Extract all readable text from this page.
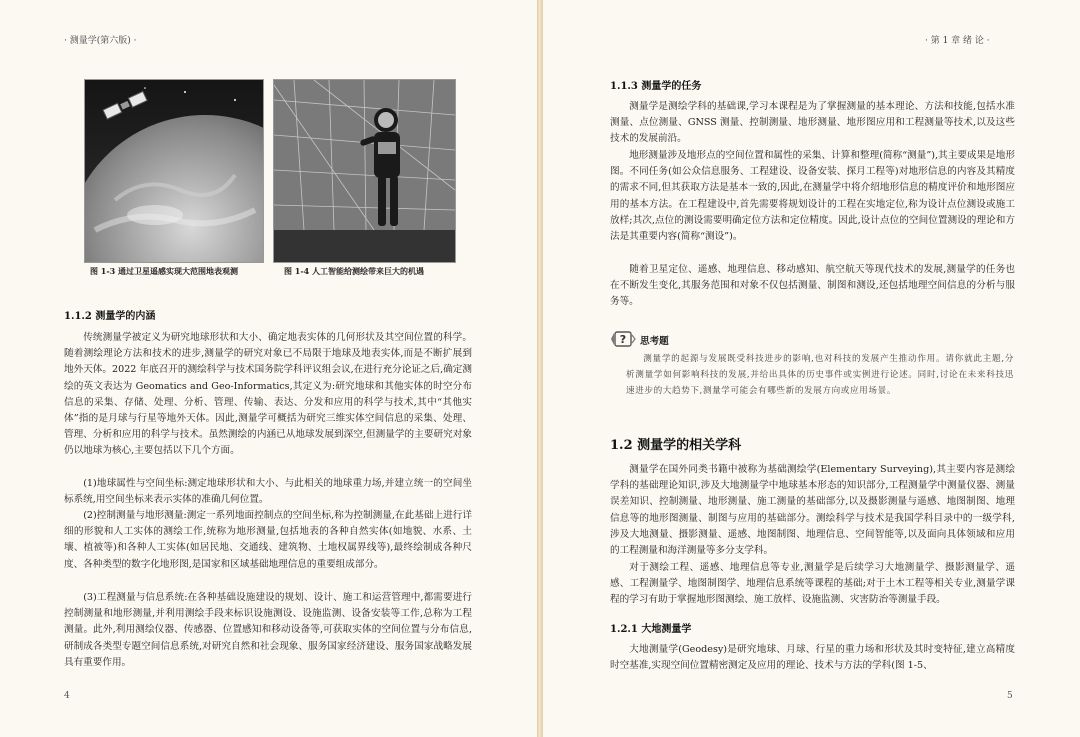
· 测量学(第六版) ·
图 1-3 通过卫星遥感实现大范围地表观测	图 1-4 人工智能给测绘带来巨大的机遇
1.1.2 测量学的内涵

传统测量学被定义为研究地球形状和大小、确定地表实体的几何形状及其空间位置的科学。随着测绘理论方法和技术的进步,测量学的研究对象已不局限于地球及地表实体,而是不断扩展到地外天体。2022 年底召开的测绘科学与技术国务院学科评议组会议,在进行充分论证之后,确定测绘的英文表达为 Geomatics and Geo-Informatics,其定义为:研究地球和其他实体的时空分布信息的采集、存储、处理、分析、管理、传输、表达、分发和应用的科学与技术,其中“其他实体”指的是月球与行星等地外天体。因此,测量学可概括为研究三维实体空间信息的采集、处理、管理、分析和应用的科学与技术。虽然测绘的内涵已从地球发展到深空,但测量学的主要研究对象仍以地球为核心,主要包括以下几个方面。

(1)地球属性与空间坐标:测定地球形状和大小、与此相关的地球重力场,并建立统一的空间坐标系统,用空间坐标来表示实体的准确几何位置。

(2)控制测量与地形测量:测定一系列地面控制点的空间坐标,称为控制测量,在此基础上进行详细的形貌和人工实体的测绘工作,统称为地形测量,包括地表的各种自然实体(如地貌、水系、土壤、植被等)和各种人工实体(如居民地、交通线、建筑物、土地权属界线等),最终绘制成各种尺度、各种类型的数字化地形图,是国家和区域基础地理信息的重要组成部分。

(3)工程测量与信息系统:在各种基础设施建设的规划、设计、施工和运营管理中,都需要进行控制测量和地形测量,并利用测绘手段来标识设施测设、设施监测、设备安装等工作,总称为工程测量。此外,利用测绘仪器、传感器、位置感知和移动设备等,可获取实体的空间位置与分布信息,研制成各类型专题空间信息系统,对研究自然和社会现象、服务国家经济建设、服务国家战略发展具有重要作用。

4
· 第 1 章 绪 论 ·
1.1.3 测量学的任务

测量学是测绘学科的基础课,学习本课程是为了掌握测量的基本理论、方法和技能,包括水准测量、点位测量、GNSS 测量、控制测量、地形测量、地形图应用和工程测量等技术,以及这些技术的发展前沿。

地形测量涉及地形点的空间位置和属性的采集、计算和整理(简称“测量”),其主要成果是地形图。不同任务(如公众信息服务、工程建设、设备安装、探月工程等)对地形信息的内容及其精度的需求不同,但其获取方法是基本一致的,因此,在测量学中将介绍地形信息的精度评价和地形图应用的基本方法。在工程建设中,首先需要将规划设计的工程在实地定位,称为设计点位测设或施工放样;其次,点位的测设需要明确定位方法和定位精度。因此,设计点位的空间位置测设的理论和方法是其重要内容(简称“测设”)。

随着卫星定位、遥感、地理信息、移动感知、航空航天等现代技术的发展,测量学的任务也在不断发生变化,其服务范围和对象不仅包括测量、制图和测设,还包括地理空间信息的分析与服务等。

? 思考题

测量学的起源与发展既受科技进步的影响,也对科技的发展产生推动作用。请你就此主题,分析测量学如何影响科技的发展,并给出具体的历史事件或实例进行论述。同时,讨论在未来科技迅速进步的大趋势下,测量学可能会有哪些新的发展方向或应用场景。

1.2 测量学的相关学科

测量学在国外同类书籍中被称为基础测绘学(Elementary Surveying),其主要内容是测绘学科的基础理论知识,涉及大地测量学中地球基本形态的知识部分,工程测量学中测量仪器、测量误差知识、控制测量、地形测量、施工测量的基础部分,以及摄影测量与遥感、地图制图、地理信息等的地形图测量、制图与应用的基础部分。测绘科学与技术是我国学科目录中的一级学科,涉及大地测量、摄影测量、遥感、地图制图、地理信息、空间智能等,以及面向具体领域和应用的工程测量和海洋测量等多分支学科。

对于测绘工程、遥感、地理信息等专业,测量学是后续学习大地测量学、摄影测量学、遥感、工程测量学、地图制图学、地理信息系统等课程的基础;对于土木工程等相关专业,测量学课程的学习有助于掌握地形图测绘、施工放样、设施监测、灾害防治等测量手段。

1.2.1 大地测量学

大地测量学(Geodesy)是研究地球、月球、行星的重力场和形状及其时变特征,建立高精度时空基准,实现空间位置精密测定及应用的理论、技术与方法的学科(图 1-5、

5
